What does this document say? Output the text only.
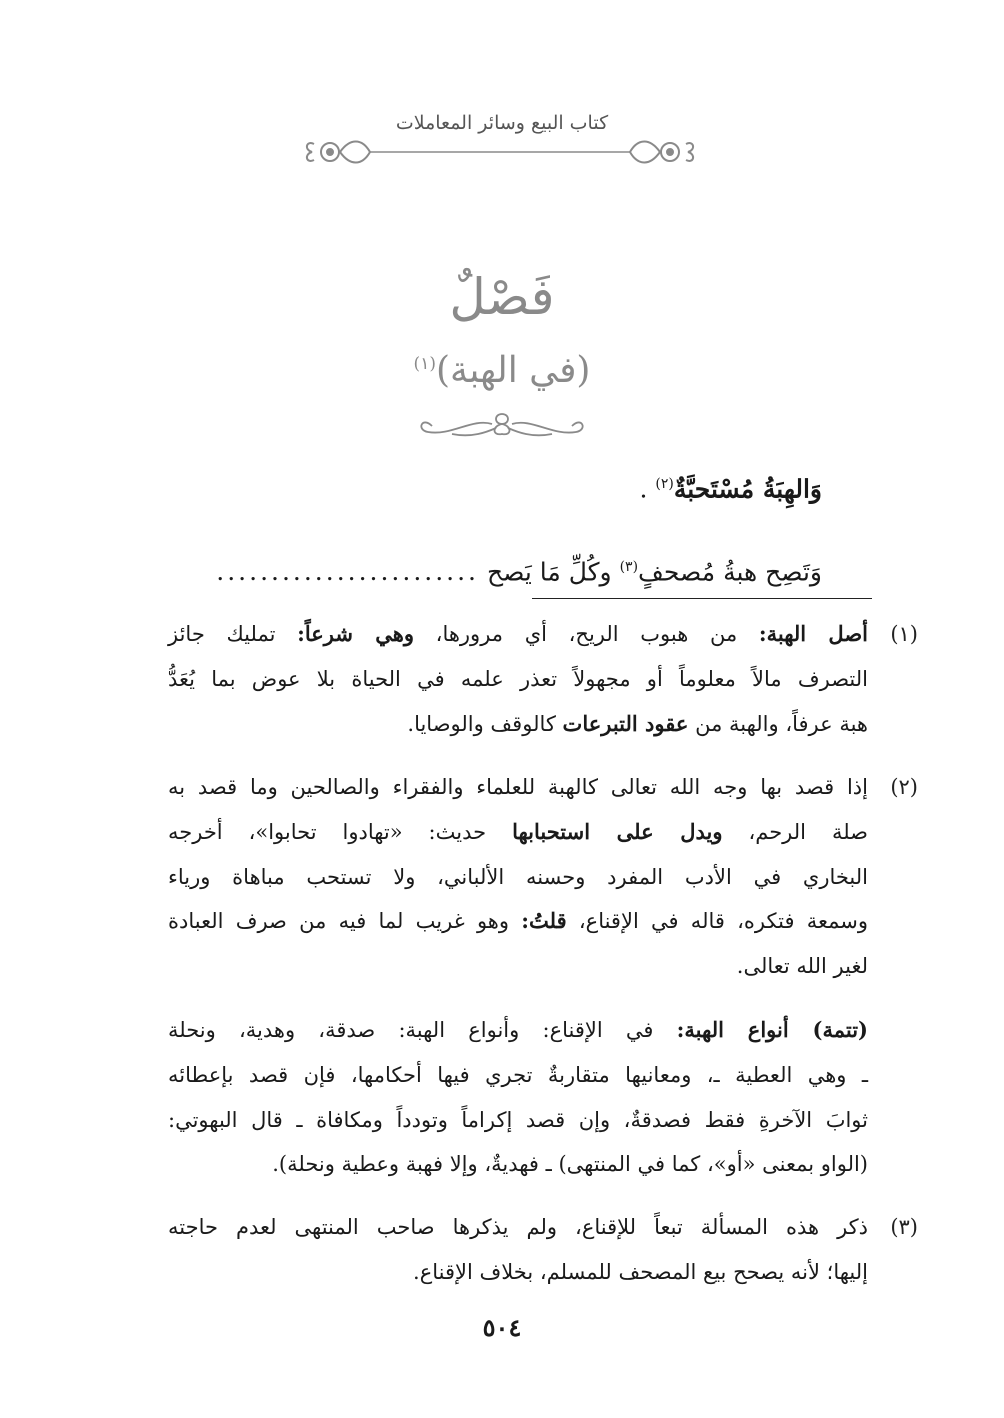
كتاب البيع وسائر المعاملات
فَصْلٌ
(في الهبة)$^{(١)}$
وَالهِبَةُ مُسْتَحبَّةٌ$^{(٢)}$ .
وَتَصِح هبةُ مُصحفٍ$^{(٣)}$ وكُلِّ مَا يَصح........................
(١)
أصل الهبة: من هبوب الريح، أي مرورها، وهي شرعاً: تمليك جائز
التصرف مالاً معلوماً أو مجهولاً تعذر علمه في الحياة بلا عوض بما يُعَدُّ
هبة عرفاً، والهبة من عقود التبرعات كالوقف والوصايا.
(٢)
إذا قصد بها وجه الله تعالى كالهبة للعلماء والفقراء والصالحين وما قصد به
صلة الرحم، ويدل على استحبابها حديث: «تهادوا تحابوا»، أخرجه
البخاري في الأدب المفرد وحسنه الألباني، ولا تستحب مباهاة ورياء
وسمعة فتكره، قاله في الإقناع، قلتُ: وهو غريب لما فيه من صرف العبادة
لغير الله تعالى.
(تتمة) أنواع الهبة: في الإقناع: وأنواع الهبة: صدقة، وهدية، ونحلة
ـ وهي العطية ـ، ومعانيها متقاربةٌ تجري فيها أحكامها، فإن قصد بإعطائه
ثوابَ الآخرةِ فقط فصدقةٌ، وإن قصد إكراماً وتودداً ومكافاة ـ قال البهوتي:
(الواو بمعنى «أو»، كما في المنتهى) ـ فهديةٌ، وإلا فهبة وعطية ونحلة).
(٣)
ذكر هذه المسألة تبعاً للإقناع، ولم يذكرها صاحب المنتهى لعدم حاجته
إليها؛ لأنه يصحح بيع المصحف للمسلم، بخلاف الإقناع.
٥٠٤
